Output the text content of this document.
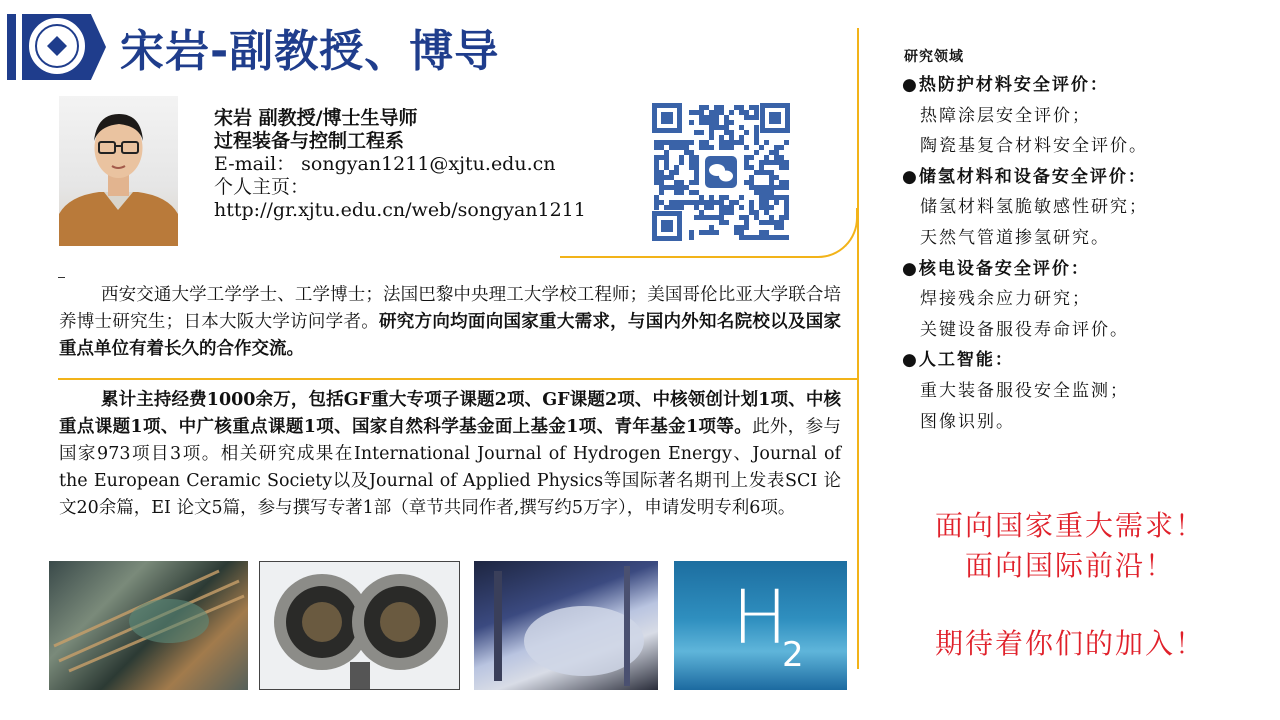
宋岩-副教授、博导
宋岩 副教授/博士生导师
过程装备与控制工程系
E-mail： songyan1211@xjtu.edu.cn
个人主页：
http://gr.xjtu.edu.cn/web/songyan1211
西安交通大学工学学士、工学博士；法国巴黎中央理工大学校工程师；美国哥伦比亚大学联合培养博士研究生；日本大阪大学访问学者。研究方向均面向国家重大需求，与国内外知名院校以及国家重点单位有着长久的合作交流。
累计主持经费1000余万，包括GF重大专项子课题2项、GF课题2项、中核领创计划1项、中核重点课题1项、中广核重点课题1项、国家自然科学基金面上基金1项、青年基金1项等。此外，参与国家973项目3项。相关研究成果在International Journal of Hydrogen Energy、Journal of the European Ceramic Society以及Journal of Applied Physics等国际著名期刊上发表SCI 论文20余篇，EI 论文5篇，参与撰写专著1部（章节共同作者,撰写约5万字），申请发明专利6项。
H
2
研究领域
●热防护材料安全评价：
热障涂层安全评价；
陶瓷基复合材料安全评价。
●储氢材料和设备安全评价：
储氢材料氢脆敏感性研究；
天然气管道掺氢研究。
●核电设备安全评价：
焊接残余应力研究；
关键设备服役寿命评价。
●人工智能：
重大装备服役安全监测；
图像识别。
面向国家重大需求！
面向国际前沿！
期待着你们的加入！
